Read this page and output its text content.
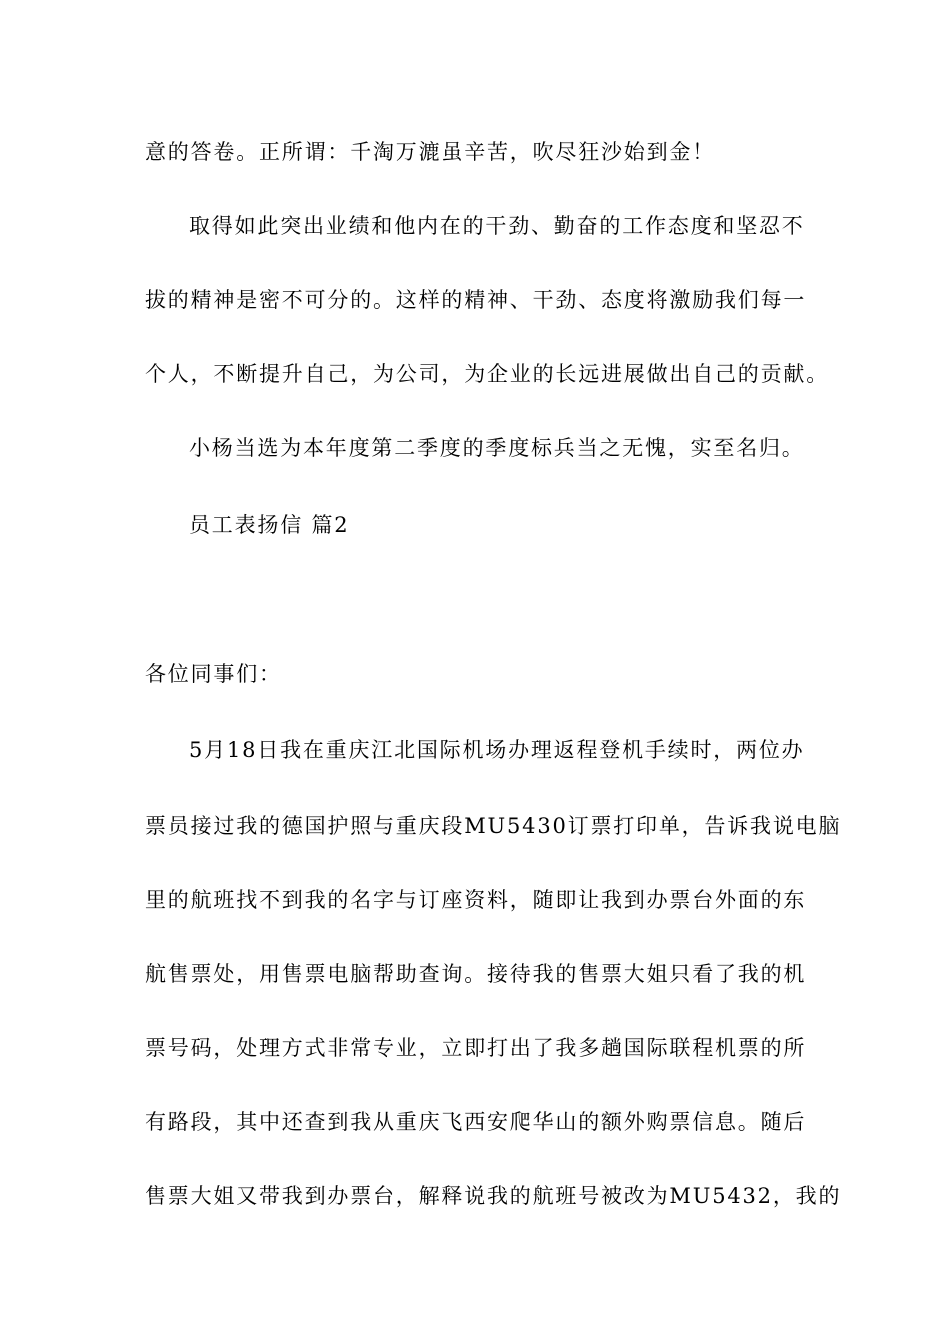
意的答卷。正所谓：千淘万漉虽辛苦，吹尽狂沙始到金！
取得如此突出业绩和他内在的干劲、勤奋的工作态度和坚忍不
拔的精神是密不可分的。这样的精神、干劲、态度将激励我们每一
个人，不断提升自己，为公司，为企业的长远进展做出自己的贡献。
小杨当选为本年度第二季度的季度标兵当之无愧，实至名归。
员工表扬信 篇2
各位同事们：
5月18日我在重庆江北国际机场办理返程登机手续时，两位办
票员接过我的德国护照与重庆段MU5430订票打印单，告诉我说电脑
里的航班找不到我的名字与订座资料，随即让我到办票台外面的东
航售票处，用售票电脑帮助查询。接待我的售票大姐只看了我的机
票号码，处理方式非常专业，立即打出了我多趟国际联程机票的所
有路段，其中还查到我从重庆飞西安爬华山的额外购票信息。随后
售票大姐又带我到办票台，解释说我的航班号被改为MU5432，我的
